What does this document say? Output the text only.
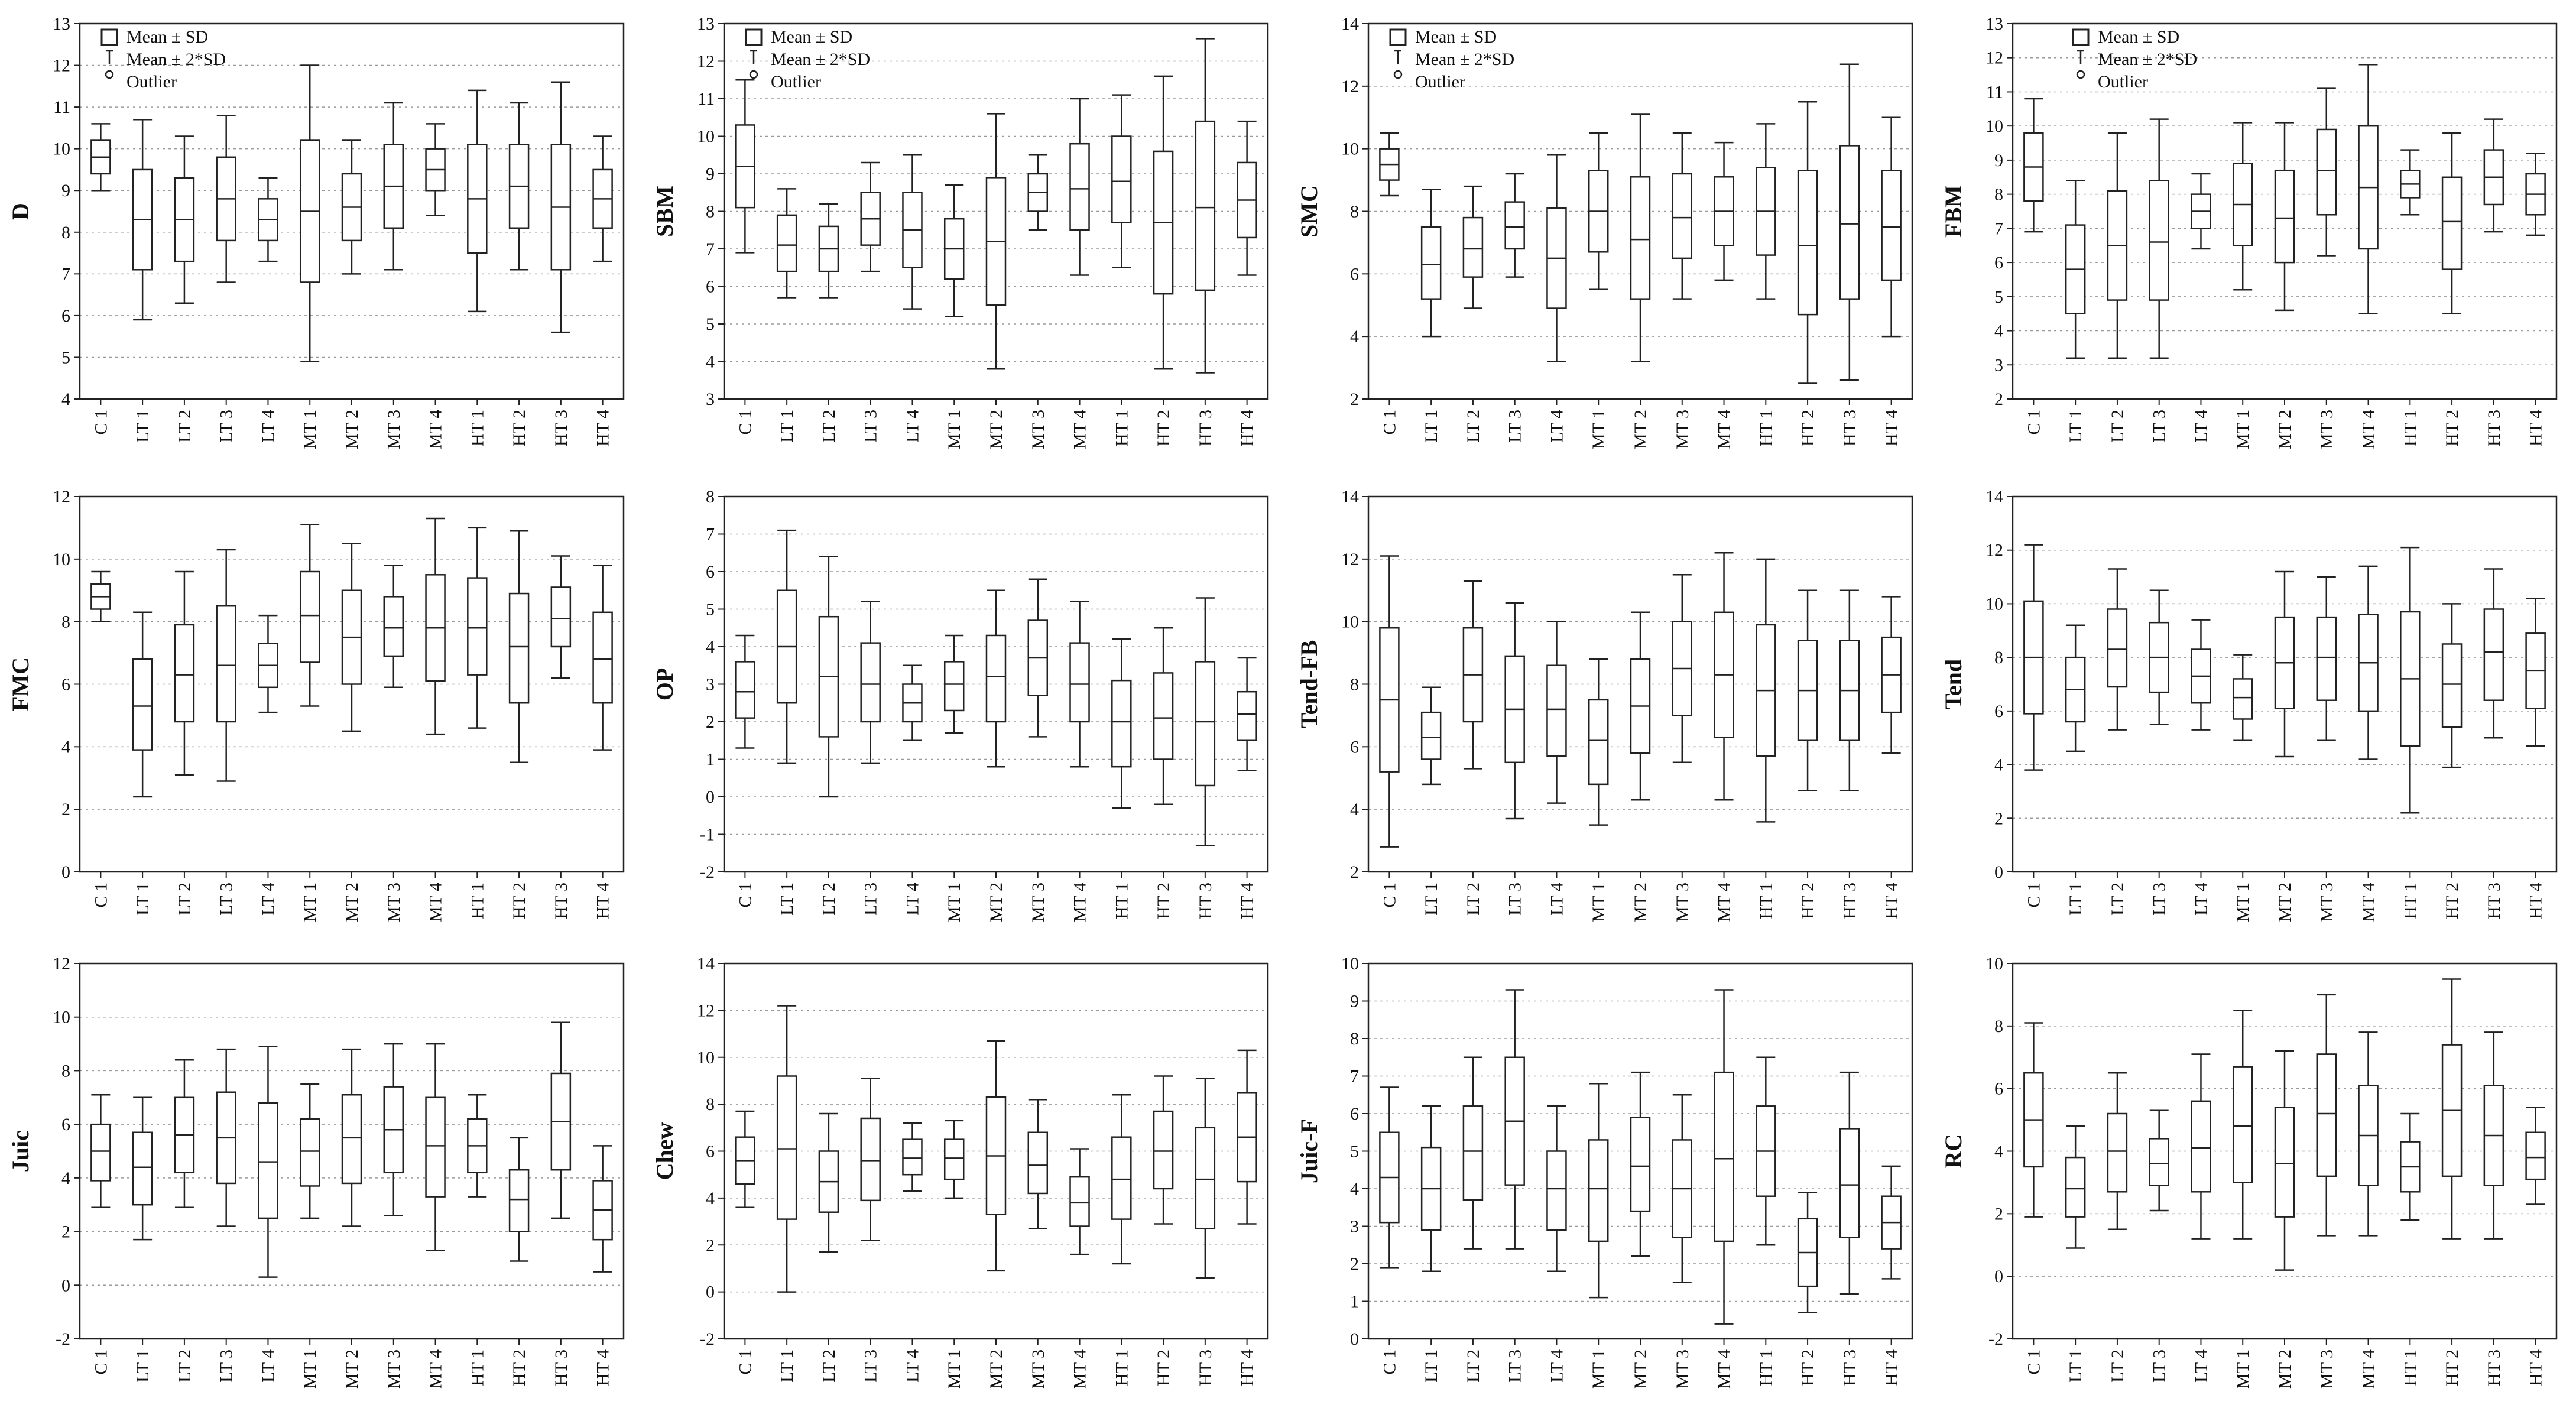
4
5
6
7
8
9
10
11
12
13
D
C 1 LT 1 LT 2 LT 3 LT 4 MT 1 MT 2 MT 3 MT 4 HT 1 HT 2 HT 3 HT 4
Mean ± SD
Mean ± 2*SD
Outlier
3
4
5
6
7
8
9
10
11
12
13
SBM
C 1 LT 1 LT 2 LT 3 LT 4 MT 1 MT 2 MT 3 MT 4 HT 1 HT 2 HT 3 HT 4
Mean ± SD
Mean ± 2*SD
Outlier
2
4
6
8
10
12
14
SMC
C 1 LT 1 LT 2 LT 3 LT 4 MT 1 MT 2 MT 3 MT 4 HT 1 HT 2 HT 3 HT 4
Mean ± SD
Mean ± 2*SD
Outlier
2
3
4
5
6
7
8
9
10
11
12
13
FBM
C 1 LT 1 LT 2 LT 3 LT 4 MT 1 MT 2 MT 3 MT 4 HT 1 HT 2 HT 3 HT 4
Mean ± SD
Mean ± 2*SD
Outlier
0
2
4
6
8
10
12
FMC
C 1 LT 1 LT 2 LT 3 LT 4 MT 1 MT 2 MT 3 MT 4 HT 1 HT 2 HT 3 HT 4
-2
-1
0
1
2
3
4
5
6
7
8
OP
C 1 LT 1 LT 2 LT 3 LT 4 MT 1 MT 2 MT 3 MT 4 HT 1 HT 2 HT 3 HT 4
2
4
6
8
10
12
14
Tend-FB
C 1 LT 1 LT 2 LT 3 LT 4 MT 1 MT 2 MT 3 MT 4 HT 1 HT 2 HT 3 HT 4
0
2
4
6
8
10
12
14
Tend
C 1 LT 1 LT 2 LT 3 LT 4 MT 1 MT 2 MT 3 MT 4 HT 1 HT 2 HT 3 HT 4
-2
0
2
4
6
8
10
12
Juic
C 1 LT 1 LT 2 LT 3 LT 4 MT 1 MT 2 MT 3 MT 4 HT 1 HT 2 HT 3 HT 4
-2
0
2
4
6
8
10
12
14
Chew
C 1 LT 1 LT 2 LT 3 LT 4 MT 1 MT 2 MT 3 MT 4 HT 1 HT 2 HT 3 HT 4
0
1
2
3
4
5
6
7
8
9
10
Juic-F
C 1 LT 1 LT 2 LT 3 LT 4 MT 1 MT 2 MT 3 MT 4 HT 1 HT 2 HT 3 HT 4
-2
0
2
4
6
8
10
RC
C 1 LT 1 LT 2 LT 3 LT 4 MT 1 MT 2 MT 3 MT 4 HT 1 HT 2 HT 3 HT 4
